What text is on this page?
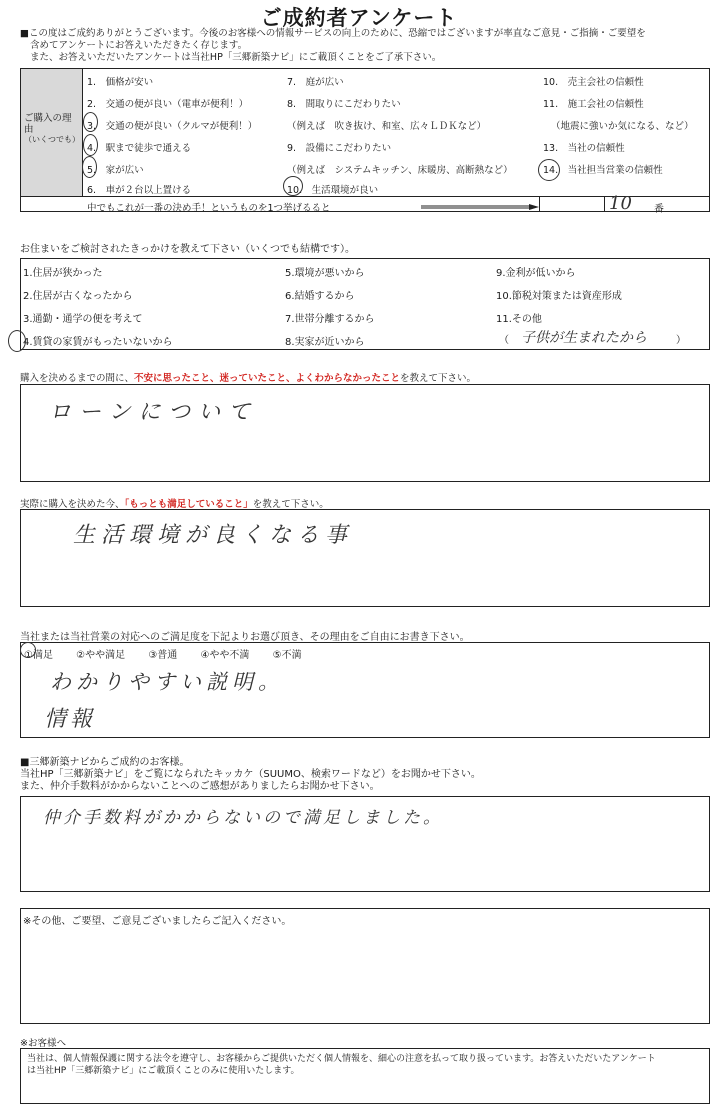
ご成約者アンケート
■この度はご成約ありがとうございます。今後のお客様への情報サービスの向上のために、恐縮ではございますが率直なご意見・ご指摘・ご要望を
含めてアンケートにお答えいただきたく存じます。
また、お答えいただいたアンケートは当社HP「三郷新築ナビ」にご載頂くことをご了承下さい。
ご購入の理由
（いくつでも）
1.　価格が安い
2.　交通の便が良い（電車が便利！）
3.　交通の便が良い（クルマが便利！）
4.　駅まで徒歩で通える
5.　家が広い
6.　車が２台以上置ける
7.　庭が広い
8.　間取りにこだわりたい
（例えば　吹き抜け、和室、広々ＬＤＫなど）
9.　設備にこだわりたい
（例えば　システムキッチン、床暖房、高断熱など）
10.　生活環境が良い
10.　売主会社の信頼性
11.　施工会社の信頼性
（地震に強いか気になる、など）
13.　当社の信頼性
14.　当社担当営業の信頼性
中でもこれが一番の決め手！というものを1つ挙げるると	10 番
お住まいをご検討されたきっかけを教えて下さい（いくつでも結構です）。
1.住居が狭かった
2.住居が古くなったから
3.通勤・通学の便を考えて
4.賃貸の家賃がもったいないから
5.環境が悪いから
6.結婚するから
7.世帯分離するから
8.実家が近いから
9.金利が低いから
10.節税対策または資産形成
11.その他
（ 子供が生まれたから	）
購入を決めるまでの間に、不安に思ったこと、迷っていたこと、よくわからなかったことを教えて下さい。
ローンについて
実際に購入を決めた今、「もっとも満足していること」を教えて下さい。
生活環境が良くなる事
当社または当社営業の対応へのご満足度を下記よりお選び頂き、その理由をご自由にお書き下さい。
①満足 ②やや満足 ③普通 ④やや不満 ⑤不満
わかりやすい説明。
情報
■三郷新築ナビからご成約のお客様。
当社HP「三郷新築ナビ」をご覧になられたキッカケ（SUUMO、検索ワードなど）をお聞かせ下さい。
また、仲介手数料がかからないことへのご感想がありましたらお聞かせ下さい。
仲介手数料がかからないので満足しました。
※その他、ご要望、ご意見ございましたらご記入ください。
※お客様へ
当社は、個人情報保護に関する法令を遵守し、お客様からご提供いただく個人情報を、細心の注意を払って取り扱っています。お答えいただいたアンケート
は当社HP「三郷新築ナビ」にご載頂くことのみに使用いたします。
